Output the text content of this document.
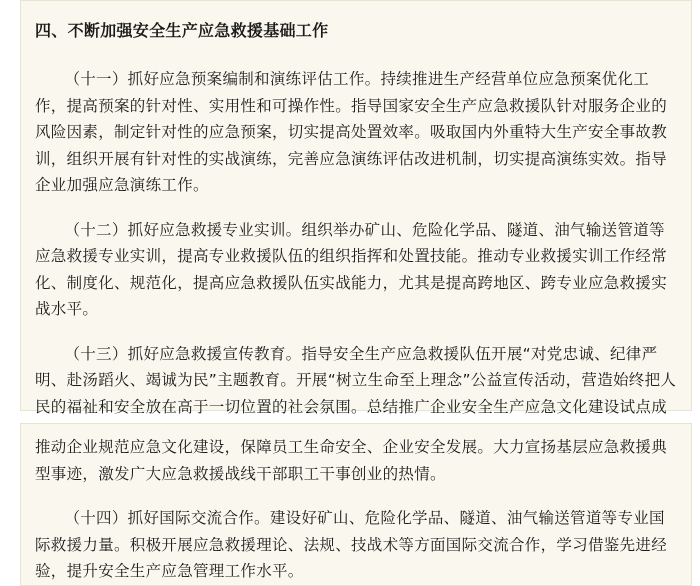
四、不断加强安全生产应急救援基础工作

（十一）抓好应急预案编制和演练评估工作。持续推进生产经营单位应急预案优化工作，提高预案的针对性、实用性和可操作性。指导国家安全生产应急救援队针对服务企业的风险因素，制定针对性的应急预案，切实提高处置效率。吸取国内外重特大生产安全事故教训，组织开展有针对性的实战演练，完善应急演练评估改进机制，切实提高演练实效。指导企业加强应急演练工作。

（十二）抓好应急救援专业实训。组织举办矿山、危险化学品、隧道、油气输送管道等应急救援专业实训，提高专业救援队伍的组织指挥和处置技能。推动专业救援实训工作经常化、制度化、规范化，提高应急救援队伍实战能力，尤其是提高跨地区、跨专业应急救援实战水平。

（十三）抓好应急救援宣传教育。指导安全生产应急救援队伍开展“对党忠诚、纪律严明、赴汤蹈火、竭诚为民”主题教育。开展“树立生命至上理念”公益宣传活动，营造始终把人民的福祉和安全放在高于一切位置的社会氛围。总结推广企业安全生产应急文化建设试点成

推动企业规范应急文化建设，保障员工生命安全、企业安全发展。大力宣扬基层应急救援典型事迹，激发广大应急救援战线干部职工干事创业的热情。

（十四）抓好国际交流合作。建设好矿山、危险化学品、隧道、油气输送管道等专业国际救援力量。积极开展应急救援理论、法规、技战术等方面国际交流合作，学习借鉴先进经验，提升安全生产应急管理工作水平。
